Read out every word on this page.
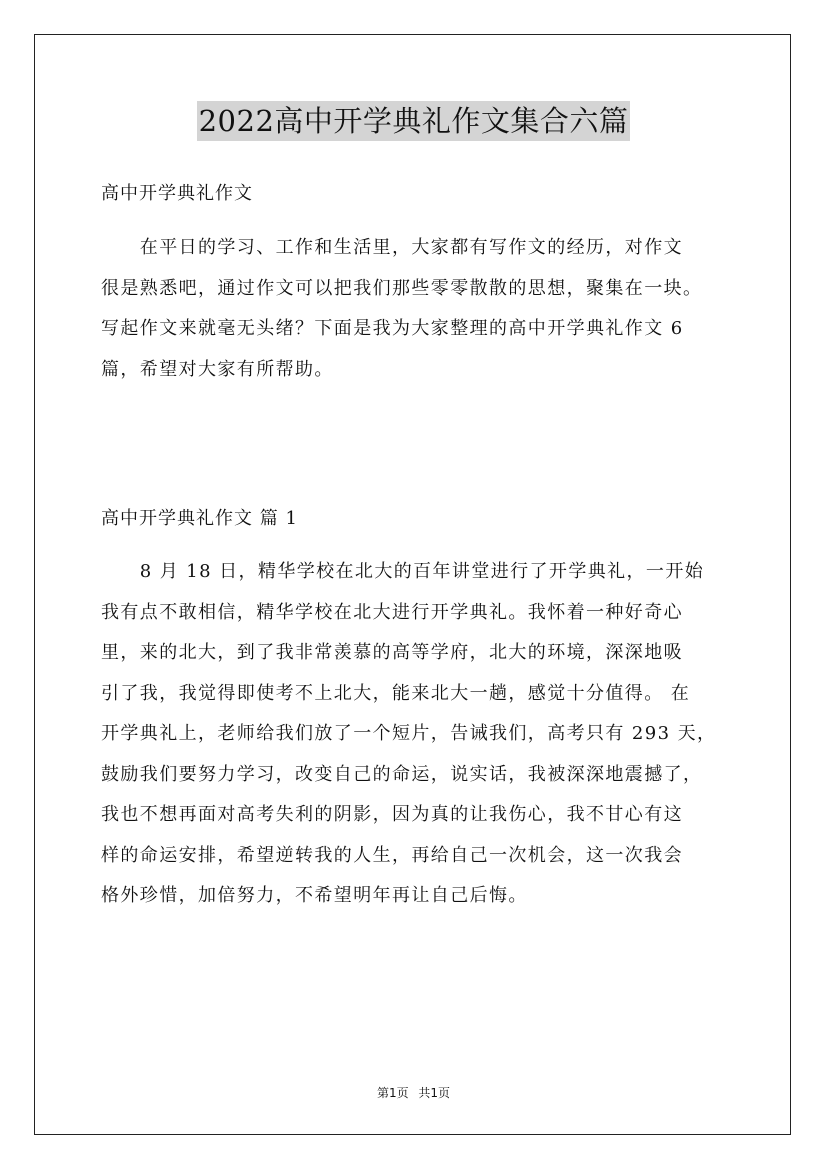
2022高中开学典礼作文集合六篇
高中开学典礼作文
　　在平日的学习、工作和生活里，大家都有写作文的经历，对作文
很是熟悉吧，通过作文可以把我们那些零零散散的思想，聚集在一块。
写起作文来就毫无头绪？下面是我为大家整理的高中开学典礼作文 6
篇，希望对大家有所帮助。
高中开学典礼作文 篇 1
　　8 月 18 日，精华学校在北大的百年讲堂进行了开学典礼，一开始
我有点不敢相信，精华学校在北大进行开学典礼。我怀着一种好奇心
里，来的北大，到了我非常羡慕的高等学府，北大的环境，深深地吸
引了我，我觉得即使考不上北大，能来北大一趟，感觉十分值得。 在
开学典礼上，老师给我们放了一个短片，告诫我们，高考只有 293 天，
鼓励我们要努力学习，改变自己的命运，说实话，我被深深地震撼了，
我也不想再面对高考失利的阴影，因为真的让我伤心，我不甘心有这
样的命运安排，希望逆转我的人生，再给自己一次机会，这一次我会
格外珍惜，加倍努力，不希望明年再让自己后悔。
第1页 共1页
